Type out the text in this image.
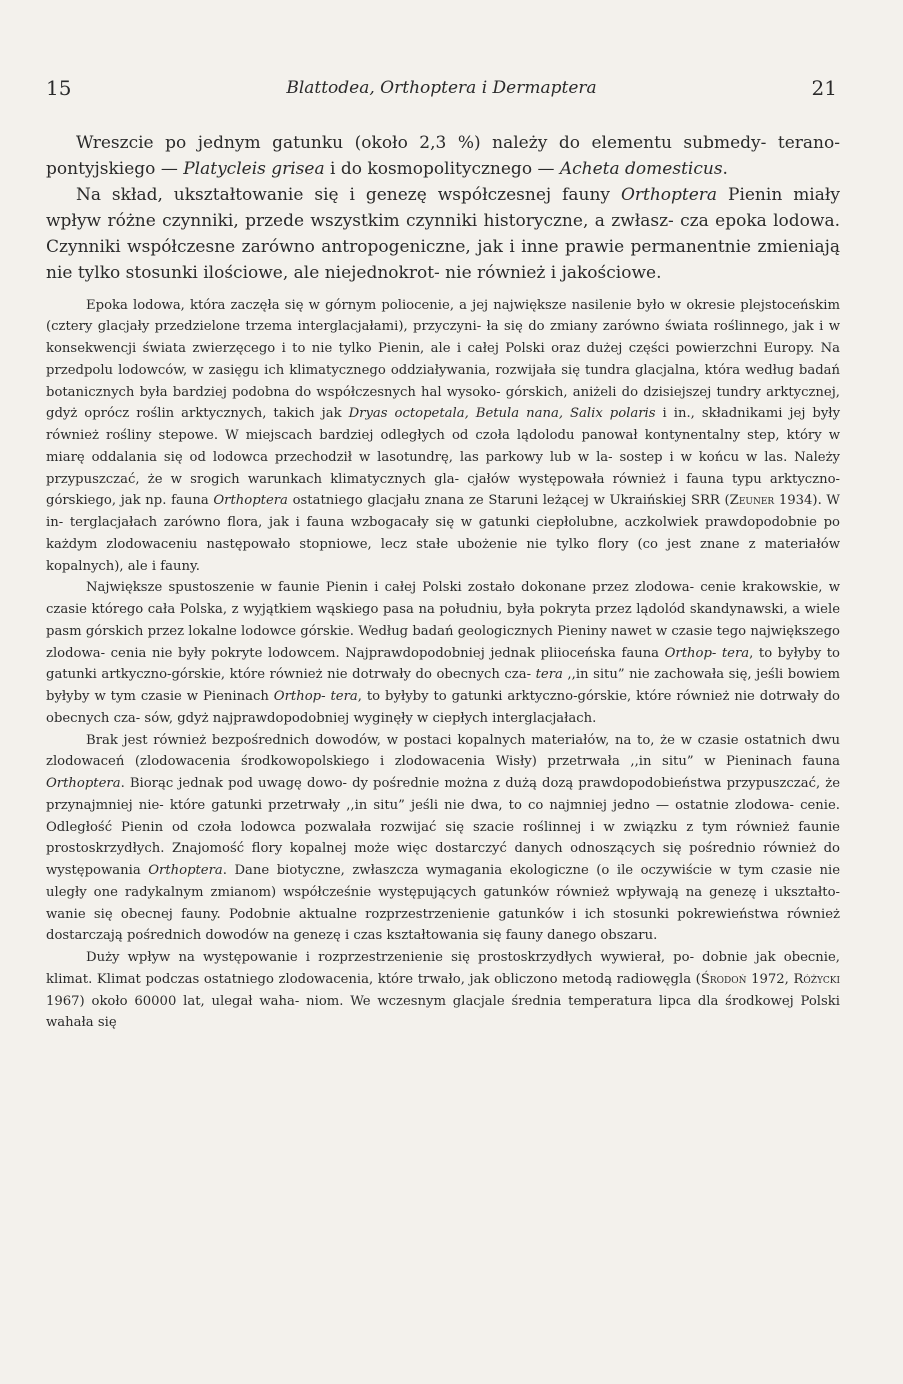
15	Blattodea, Orthoptera i Dermaptera	21

Wreszcie po jednym gatunku (około 2,3 %) należy do elementu submedy- terano-pontyjskiego — Platycleis grisea i do kosmopolitycznego — Acheta domesticus.

Na skład, ukształtowanie się i genezę współczesnej fauny Orthoptera Pienin miały wpływ różne czynniki, przede wszystkim czynniki historyczne, a zwłasz- cza epoka lodowa. Czynniki współczesne zarówno antropogeniczne, jak i inne prawie permanentnie zmieniają nie tylko stosunki ilościowe, ale niejednokrot- nie również i jakościowe.

Epoka lodowa, która zaczęła się w górnym poliocenie, a jej największe nasilenie było w okresie plejstoceńskim (cztery glacjały przedzielone trzema interglacjałami), przyczyni- ła się do zmiany zarówno świata roślinnego, jak i w konsekwencji świata zwierzęcego i to nie tylko Pienin, ale i całej Polski oraz dużej części powierzchni Europy. Na przedpolu lodowców, w zasięgu ich klimatycznego oddziaływania, rozwijała się tundra glacjalna, która według badań botanicznych była bardziej podobna do współczesnych hal wysoko- górskich, aniżeli do dzisiejszej tundry arktycznej, gdyż oprócz roślin arktycznych, takich jak Dryas octopetala, Betula nana, Salix polaris i in., składnikami jej były również rośliny stepowe. W miejscach bardziej odległych od czoła lądolodu panował kontynentalny step, który w miarę oddalania się od lodowca przechodził w lasotundrę, las parkowy lub w la- sostep i w końcu w las. Należy przypuszczać, że w srogich warunkach klimatycznych gla- cjałów występowała również i fauna typu arktyczno-górskiego, jak np. fauna Orthoptera ostatniego glacjału znana ze Staruni leżącej w Ukraińskiej SRR (Zeuner 1934). W in- terglacjałach zarówno flora, jak i fauna wzbogacały się w gatunki ciepłolubne, aczkolwiek prawdopodobnie po każdym zlodowaceniu następowało stopniowe, lecz stałe ubożenie nie tylko flory (co jest znane z materiałów kopalnych), ale i fauny.

Największe spustoszenie w faunie Pienin i całej Polski zostało dokonane przez zlodowa- cenie krakowskie, w czasie którego cała Polska, z wyjątkiem wąskiego pasa na południu, była pokryta przez lądolód skandynawski, a wiele pasm górskich przez lokalne lodowce górskie. Według badań geologicznych Pieniny nawet w czasie tego największego zlodowa- cenia nie były pokryte lodowcem. Najprawdopodobniej jednak pliioceńska fauna Orthop- tera, to byłyby to gatunki artkyczno-górskie, które również nie dotrwały do obecnych cza- tera ,,in situ” nie zachowała się, jeśli bowiem byłyby w tym czasie w Pieninach Orthop- tera, to byłyby to gatunki arktyczno-górskie, które również nie dotrwały do obecnych cza- sów, gdyż najprawdopodobniej wyginęły w ciepłych interglacjałach.

Brak jest również bezpośrednich dowodów, w postaci kopalnych materiałów, na to, że w czasie ostatnich dwu zlodowaceń (zlodowacenia środkowopolskiego i zlodowacenia Wisły) przetrwała ,,in situ” w Pieninach fauna Orthoptera. Biorąc jednak pod uwagę dowo- dy pośrednie można z dużą dozą prawdopodobieństwa przypuszczać, że przynajmniej nie- które gatunki przetrwały ,,in situ” jeśli nie dwa, to co najmniej jedno — ostatnie zlodowa- cenie. Odległość Pienin od czoła lodowca pozwalała rozwijać się szacie roślinnej i w związku z tym również faunie prostoskrzydłych. Znajomość flory kopalnej może więc dostarczyć danych odnoszących się pośrednio również do występowania Orthoptera. Dane biotyczne, zwłaszcza wymagania ekologiczne (o ile oczywiście w tym czasie nie uległy one radykalnym zmianom) współcześnie występujących gatunków również wpływają na genezę i ukształto- wanie się obecnej fauny. Podobnie aktualne rozprzestrzenienie gatunków i ich stosunki pokrewieństwa również dostarczają pośrednich dowodów na genezę i czas kształtowania się fauny danego obszaru.

Duży wpływ na występowanie i rozprzestrzenienie się prostoskrzydłych wywierał, po- dobnie jak obecnie, klimat. Klimat podczas ostatniego zlodowacenia, które trwało, jak obliczono metodą radiowęgla (Środoń 1972, Różycki 1967) około 60000 lat, ulegał waha- niom. We wczesnym glacjale średnia temperatura lipca dla środkowej Polski wahała się
